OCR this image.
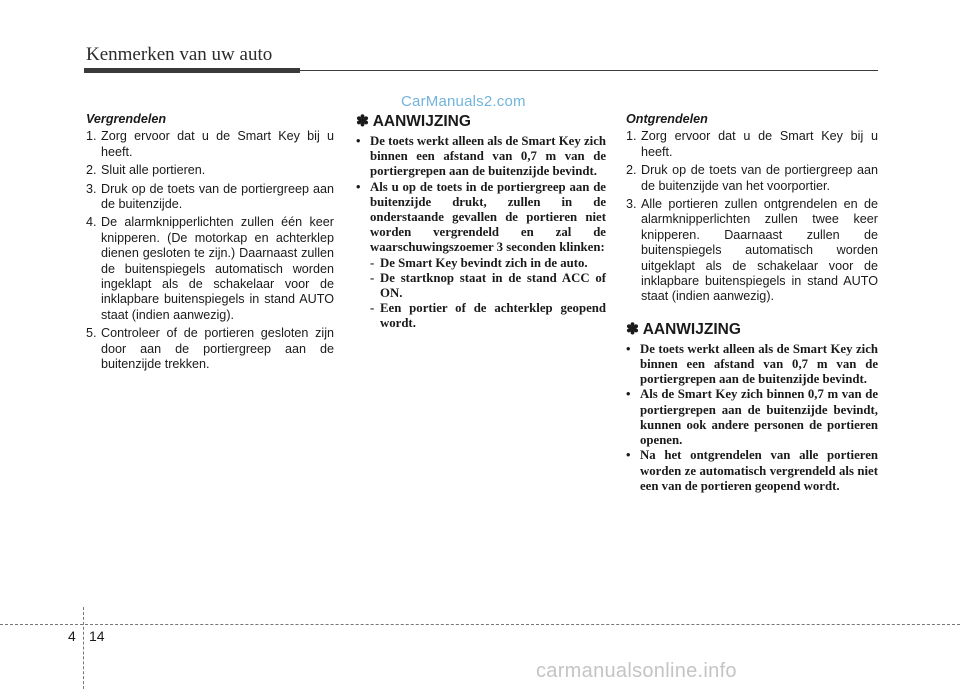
Kenmerken van uw auto
CarManuals2.com
Vergrendelen
1. Zorg ervoor dat u de Smart Key bij u heeft.
2. Sluit alle portieren.
3. Druk op de toets van de portiergreep aan de buitenzijde.
4. De alarmknipperlichten zullen één keer knipperen. (De motorkap en achterklep dienen gesloten te zijn.) Daarnaast zullen de buitenspiegels automatisch worden ingeklapt als de schakelaar voor de inklapbare buitenspiegels in stand AUTO staat (indien aanwezig).
5. Controleer of de portieren gesloten zijn door aan de portiergreep aan de buitenzijde trekken.
✽ AANWIJZING
• De toets werkt alleen als de Smart Key zich binnen een afstand van 0,7 m van de portiergrepen aan de buitenzijde bevindt.
• Als u op de toets in de portiergreep aan de buitenzijde drukt, zullen in de onderstaande gevallen de portieren niet worden vergrendeld en zal de waarschuwingszoemer 3 seconden klinken:
- De Smart Key bevindt zich in de auto.
- De startknop staat in de stand ACC of ON.
- Een portier of de achterklep geopend wordt.
Ontgrendelen
1. Zorg ervoor dat u de Smart Key bij u heeft.
2. Druk op de toets van de portiergreep aan de buitenzijde van het voorportier.
3. Alle portieren zullen ontgrendelen en de alarmknipperlichten zullen twee keer knipperen. Daarnaast zullen de buitenspiegels automatisch worden uitgeklapt als de schakelaar voor de inklapbare buitenspiegels in stand AUTO staat (indien aanwezig).
✽ AANWIJZING
• De toets werkt alleen als de Smart Key zich binnen een afstand van 0,7 m van de portiergrepen aan de buitenzijde bevindt.
• Als de Smart Key zich binnen 0,7 m van de portiergrepen aan de buitenzijde bevindt, kunnen ook andere personen de portieren openen.
• Na het ontgrendelen van alle portieren worden ze automatisch vergrendeld als niet een van de portieren geopend wordt.
4 14
carmanualsonline.info
